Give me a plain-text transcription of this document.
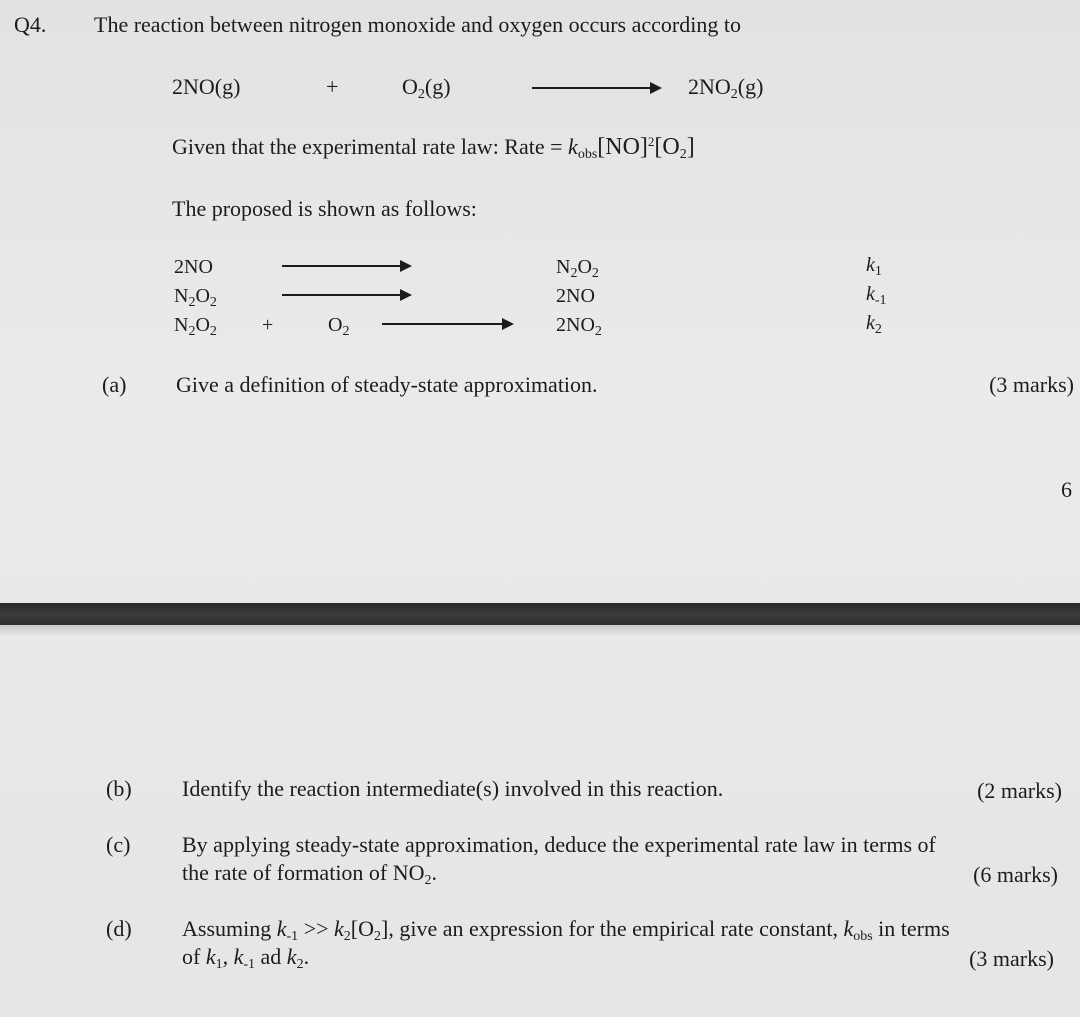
Q4. The reaction between nitrogen monoxide and oxygen occurs according to
2NO(g)	+	$O_2(g)$	$2NO_2(g)$
Given that the experimental rate law: Rate = $k_{obs}[NO]^2[O_2]$
The proposed is shown as follows:
2NO	$N_2O_2$	$k_1$
$N_2O_2$	2NO	$k_{-1}$
$N_2O_2$ +	$O_2$	$2NO_2$	$k_2$
(a) Give a definition of steady-state approximation.	(3 marks)
6
(b) Identify the reaction intermediate(s) involved in this reaction.	(2 marks)
(c) By applying steady-state approximation, deduce the experimental rate law in terms of
the rate of formation of $NO_2$.	(6 marks)
(d) Assuming $k_{-1} >> k_2[O_2]$, give an expression for the empirical rate constant, $k_{obs}$ in terms
of $k_1$, $k_{-1}$ ad $k_2$.	(3 marks)
